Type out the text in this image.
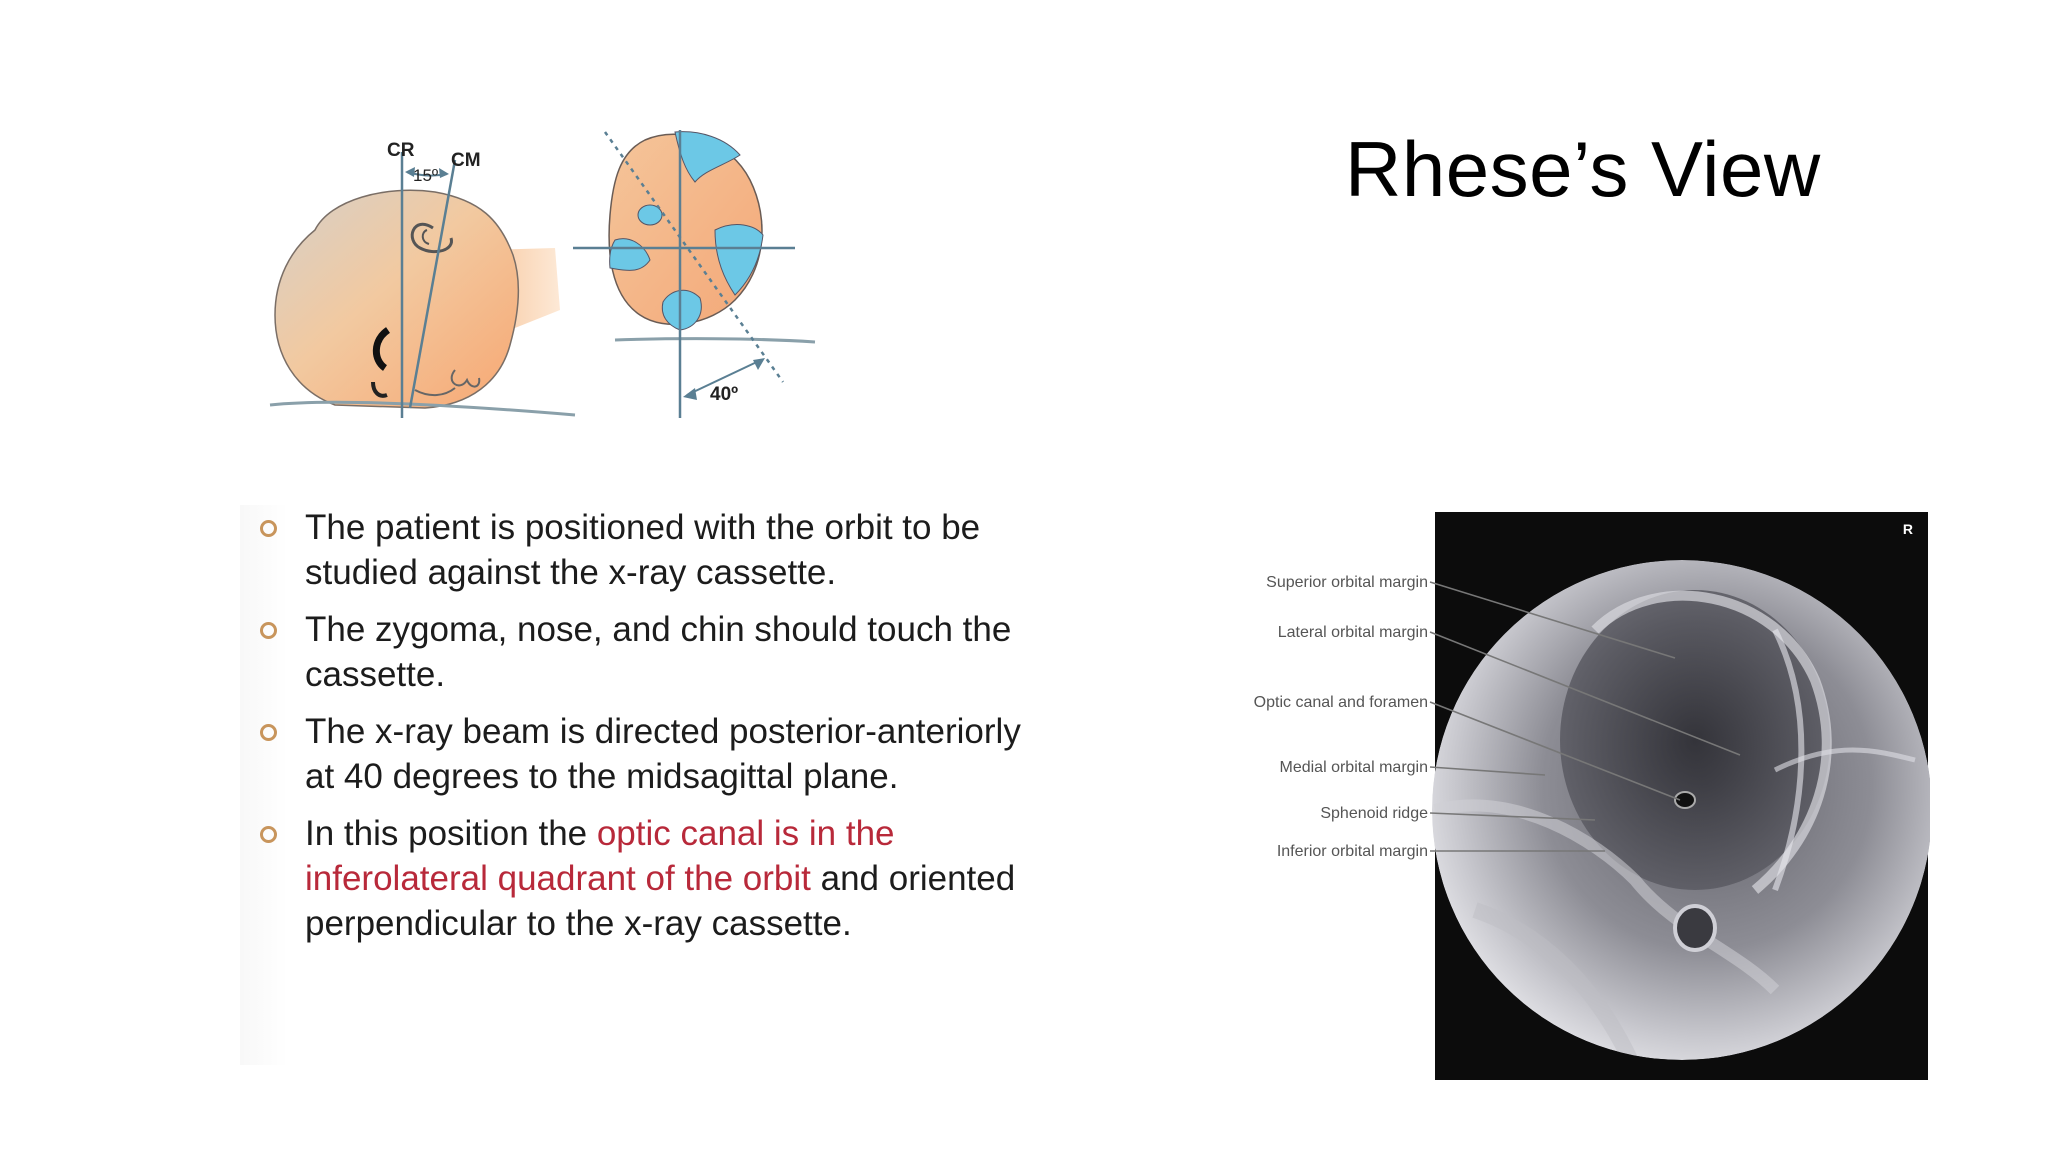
Rhese’s View
CR CM
15º
40º
The patient is positioned with the orbit to be studied against the x-ray cassette.
The zygoma, nose, and chin should touch the cassette.
The x-ray beam is directed posterior-anteriorly at 40 degrees to the midsagittal plane.
In this position the optic canal is in the inferolateral quadrant of the orbit and oriented perpendicular to the x-ray cassette.
R
Superior orbital margin
Lateral orbital margin
Optic canal and foramen
Medial orbital margin
Sphenoid ridge
Inferior orbital margin
